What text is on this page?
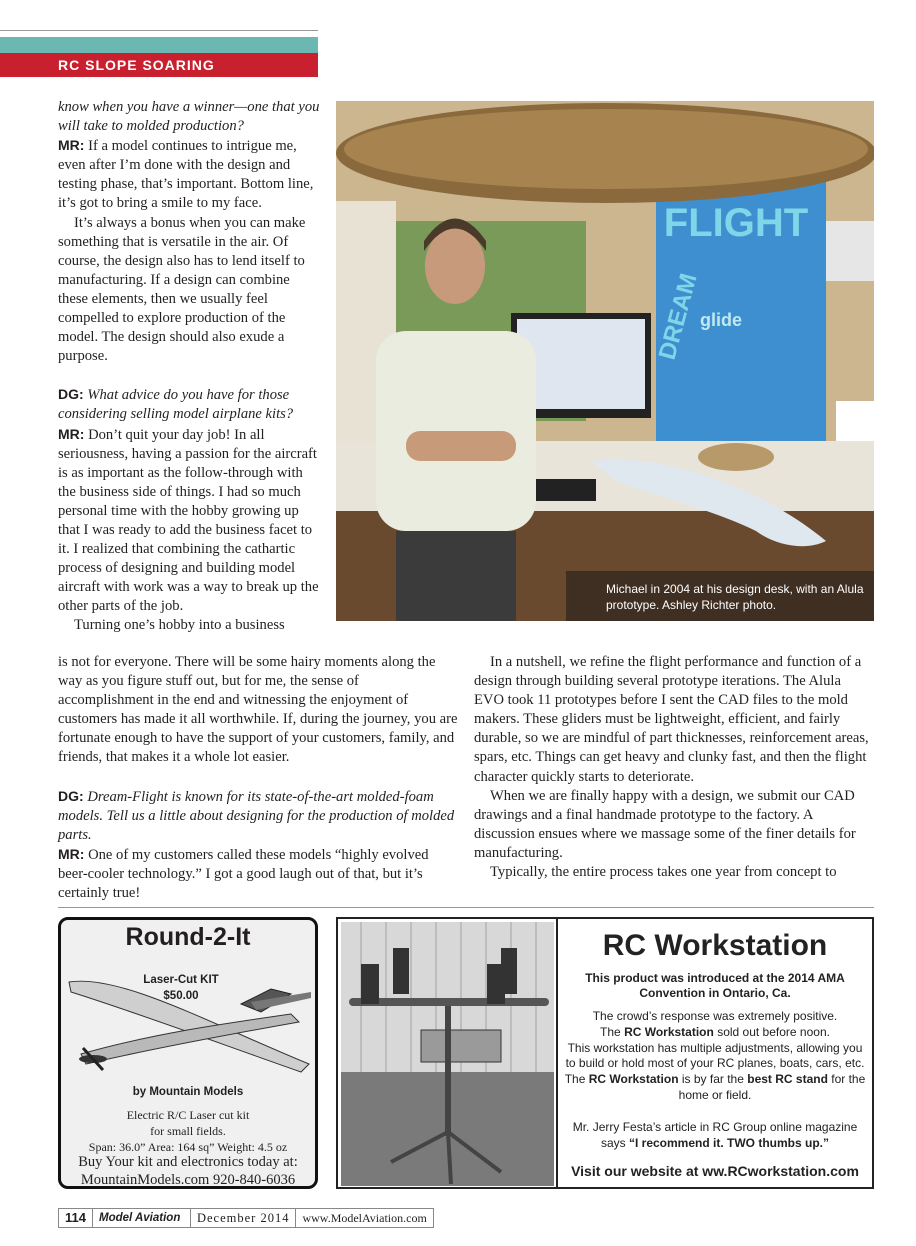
RC SLOPE SOARING

know when you have a winner—one that you will take to molded production?

MR: If a model continues to intrigue me, even after I’m done with the design and testing phase, that’s important. Bottom line, it’s got to bring a smile to my face.

It’s always a bonus when you can make something that is versatile in the air. Of course, the design also has to lend itself to manufacturing. If a design can combine these elements, then we usually feel compelled to explore production of the model. The design should also exude a purpose.

DG: What advice do you have for those considering selling model airplane kits?

MR: Don’t quit your day job! In all seriousness, having a passion for the aircraft is as important as the follow-through with the business side of things. I had so much personal time with the hobby growing up that I was ready to add the business facet to it. I realized that combining the cathartic process of designing and building model aircraft with work was a way to break up the other parts of the job.

Turning one’s hobby into a business

is not for everyone. There will be some hairy moments along the way as you figure stuff out, but for me, the sense of accomplishment in the end and witnessing the enjoyment of customers has made it all worthwhile. If, during the journey, you are fortunate enough to have the support of your customers, family, and friends, that makes it a whole lot easier.

DG: Dream-Flight is known for its state-of-the-art molded-foam models. Tell us a little about designing for the production of molded parts.

MR: One of my customers called these models “highly evolved beer-cooler technology.” I got a good laugh out of that, but it’s certainly true!

In a nutshell, we refine the flight performance and function of a design through building several prototype iterations. The Alula EVO took 11 prototypes before I sent the CAD files to the mold makers. These gliders must be lightweight, efficient, and fairly durable, so we are mindful of part thicknesses, reinforcement areas, spars, etc. Things can get heavy and clunky fast, and then the flight character quickly starts to deteriorate.

When we are finally happy with a design, we submit our CAD drawings and a final handmade prototype to the factory. A discussion ensues where we massage some of the finer details for manufacturing.

Typically, the entire process takes one year from concept to

FLIGHT
glide
DREAM
Michael in 2004 at his design desk, with an Alula prototype. Ashley Richter photo.
Round-2-It
Laser-Cut KIT
$50.00
by Mountain Models
Electric R/C Laser cut kit
for small fields.
Span: 36.0” Area: 164 sq” Weight: 4.5 oz
Buy Your kit and electronics today at:
MountainModels.com 920-840-6036
RC Workstation
This product was introduced at the 2014 AMA Convention in Ontario, Ca.
The crowd’s response was extremely positive.
The RC Workstation sold out before noon.
This workstation has multiple adjustments, allowing you to build or hold most of your RC planes, boats, cars, etc.
The RC Workstation is by far the best RC stand for the home or field.
Mr. Jerry Festa’s article in RC Group online magazine says “I recommend it. TWO thumbs up.”
Visit our website at ww.RCworkstation.com
114	Model Aviation	December 2014	www.ModelAviation.com
